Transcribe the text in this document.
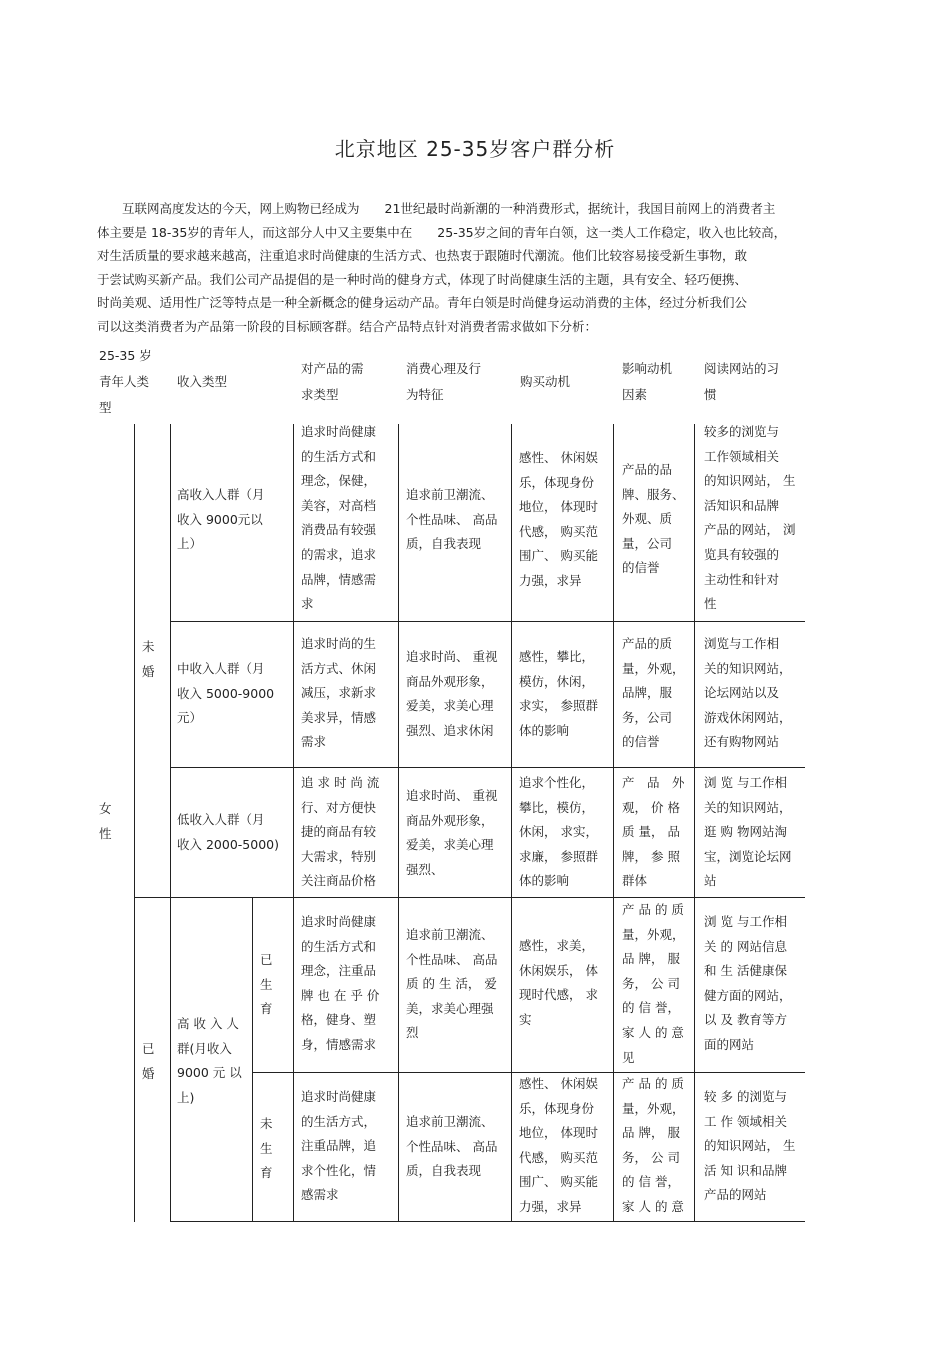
北京地区 25-35岁客户群分析
　　互联网高度发达的今天，网上购物已经成为　　21世纪最时尚新潮的一种消费形式，据统计，我国目前网上的消费者主
体主要是 18-35岁的青年人，而这部分人中又主要集中在　　25-35岁之间的青年白领，这一类人工作稳定，收入也比较高，
对生活质量的要求越来越高，注重追求时尚健康的生活方式、也热衷于跟随时代潮流。他们比较容易接受新生事物，敢
于尝试购买新产品。我们公司产品提倡的是一种时尚的健身方式，体现了时尚健康生活的主题，具有安全、轻巧便携、
时尚美观、适用性广泛等特点是一种全新概念的健身运动产品。青年白领是时尚健身运动消费的主体，经过分析我们公
司以这类消费者为产品第一阶段的目标顾客群。结合产品特点针对消费者需求做如下分析：
25-35 岁
青年人类
型
收入类型
对产品的需
求类型
消费心理及行
为特征
购买动机
影响动机
因素
阅读网站的习
惯
女
性
未
婚
已
婚
已
生
育
未
生
育
高收入人群（月
收入 9000元以
上）
追求时尚健康
的生活方式和
理念，保健，
美容，对高档
消费品有较强
的需求，追求
品牌，情感需
求
追求前卫潮流、
个性品味、 高品
质，自我表现
感性、 休闲娱
乐，体现身份
地位， 体现时
代感， 购买范
围广、 购买能
力强，求异
产品的品
牌、服务、
外观、质
量，公司
的信誉
较多的浏览与
工作领域相关
的知识网站， 生
活知识和品牌
产品的网站， 浏
览具有较强的
主动性和针对
性
中收入人群（月
收入 5000-9000
元）
追求时尚的生
活方式、休闲
减压，求新求
美求异，情感
需求
追求时尚、 重视
商品外观形象，
爱美，求美心理
强烈、追求休闲
感性，攀比，
模仿，休闲，
求实， 参照群
体的影响
产品的质
量，外观，
品牌，服
务，公司
的信誉
浏览与工作相
关的知识网站，
论坛网站以及
游戏休闲网站，
还有购物网站
低收入人群（月
收入 2000-5000)
追 求 时 尚 流
行、对方便快
捷的商品有较
大需求，特别
关注商品价格
追求时尚、 重视
商品外观形象，
爱美，求美心理
强烈、
追求个性化，
攀比，模仿，
休闲， 求实，
求廉， 参照群
体的影响
产　品　外
观， 价 格
质 量， 品
牌， 参 照
群体
浏 览 与工作相
关的知识网站，
逛 购 物网站淘
宝，浏览论坛网
站
高 收 入 人
群(月收入
9000 元 以
上)
追求时尚健康
的生活方式和
理念，注重品
牌 也 在 乎 价
格，健身、塑
身，情感需求
追求前卫潮流、
个性品味、 高品
质 的 生 活， 爱
美，求美心理强
烈
感性，求美，
休闲娱乐， 体
现时代感， 求
实
产 品 的 质
量，外观，
品 牌， 服
务， 公 司
的 信 誉，
家 人 的 意
见
浏 览 与工作相
关 的 网站信息
和 生 活健康保
健方面的网站，
以 及 教育等方
面的网站
追求时尚健康
的生活方式，
注重品牌，追
求个性化，情
感需求
追求前卫潮流、
个性品味、 高品
质，自我表现
感性、 休闲娱
乐，体现身份
地位， 体现时
代感， 购买范
围广、 购买能
力强，求异
产 品 的 质
量，外观，
品 牌， 服
务， 公 司
的 信 誉，
家 人 的 意
较 多 的浏览与
工 作 领域相关
的知识网站， 生
活 知 识和品牌
产品的网站
